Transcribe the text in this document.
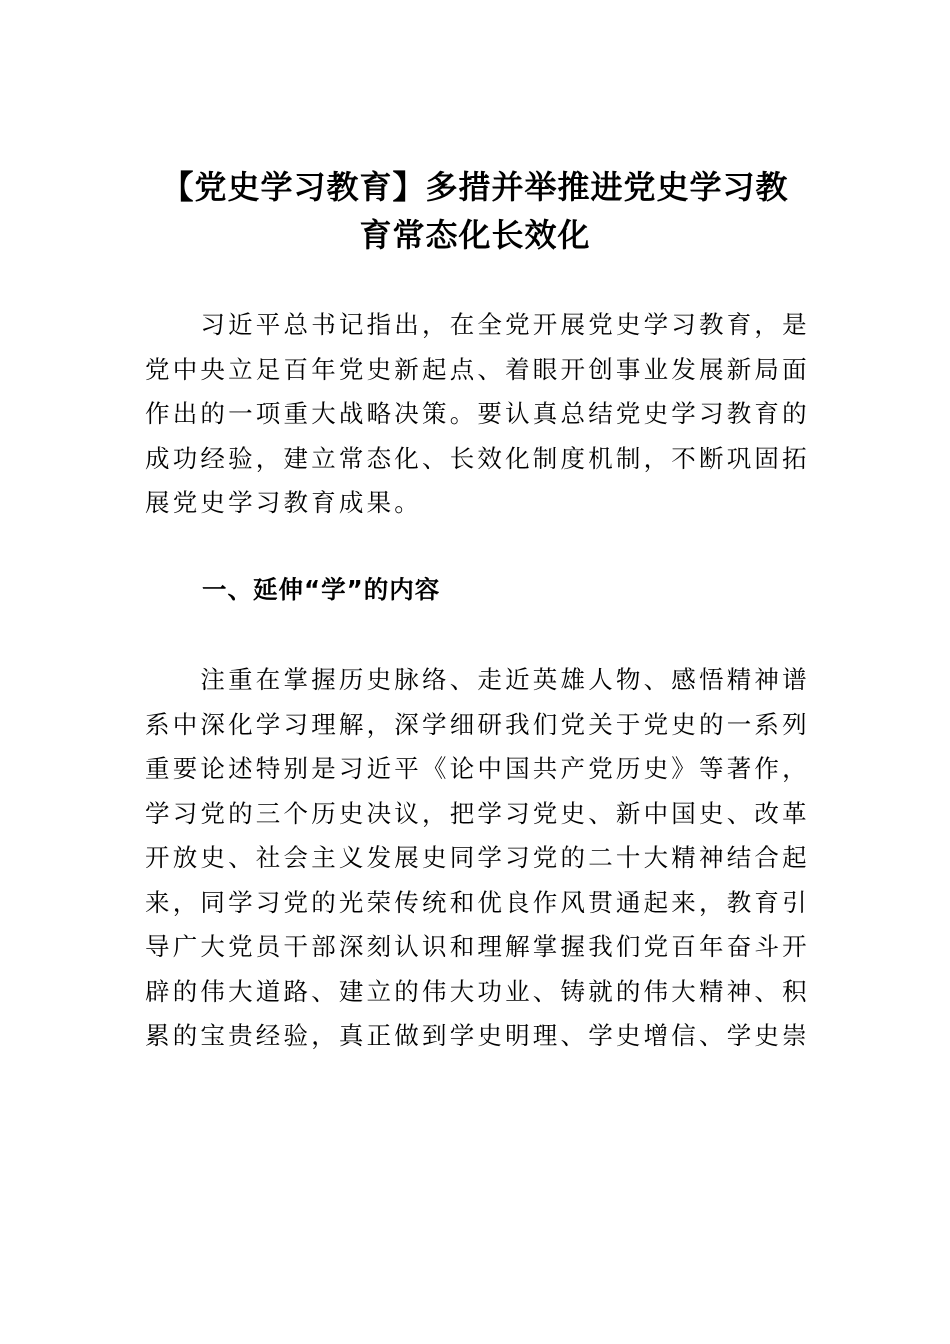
【党史学习教育】多措并举推进党史学习教
育常态化长效化

　　习近平总书记指出，在全党开展党史学习教育，是
党中央立足百年党史新起点、着眼开创事业发展新局面
作出的一项重大战略决策。要认真总结党史学习教育的
成功经验，建立常态化、长效化制度机制，不断巩固拓
展党史学习教育成果。

一、延伸“学”的内容

　　注重在掌握历史脉络、走近英雄人物、感悟精神谱
系中深化学习理解，深学细研我们党关于党史的一系列
重要论述特别是习近平《论中国共产党历史》等著作，
学习党的三个历史决议，把学习党史、新中国史、改革
开放史、社会主义发展史同学习党的二十大精神结合起
来，同学习党的光荣传统和优良作风贯通起来，教育引
导广大党员干部深刻认识和理解掌握我们党百年奋斗开
辟的伟大道路、建立的伟大功业、铸就的伟大精神、积
累的宝贵经验，真正做到学史明理、学史增信、学史崇
